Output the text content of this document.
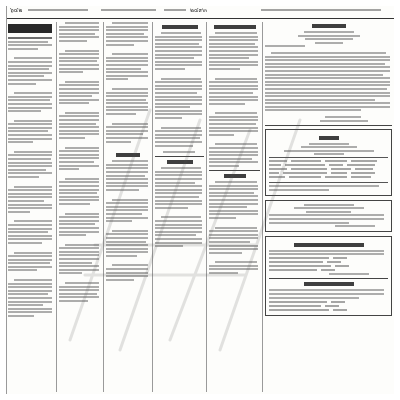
๖๔๒	๒๔๙๓
